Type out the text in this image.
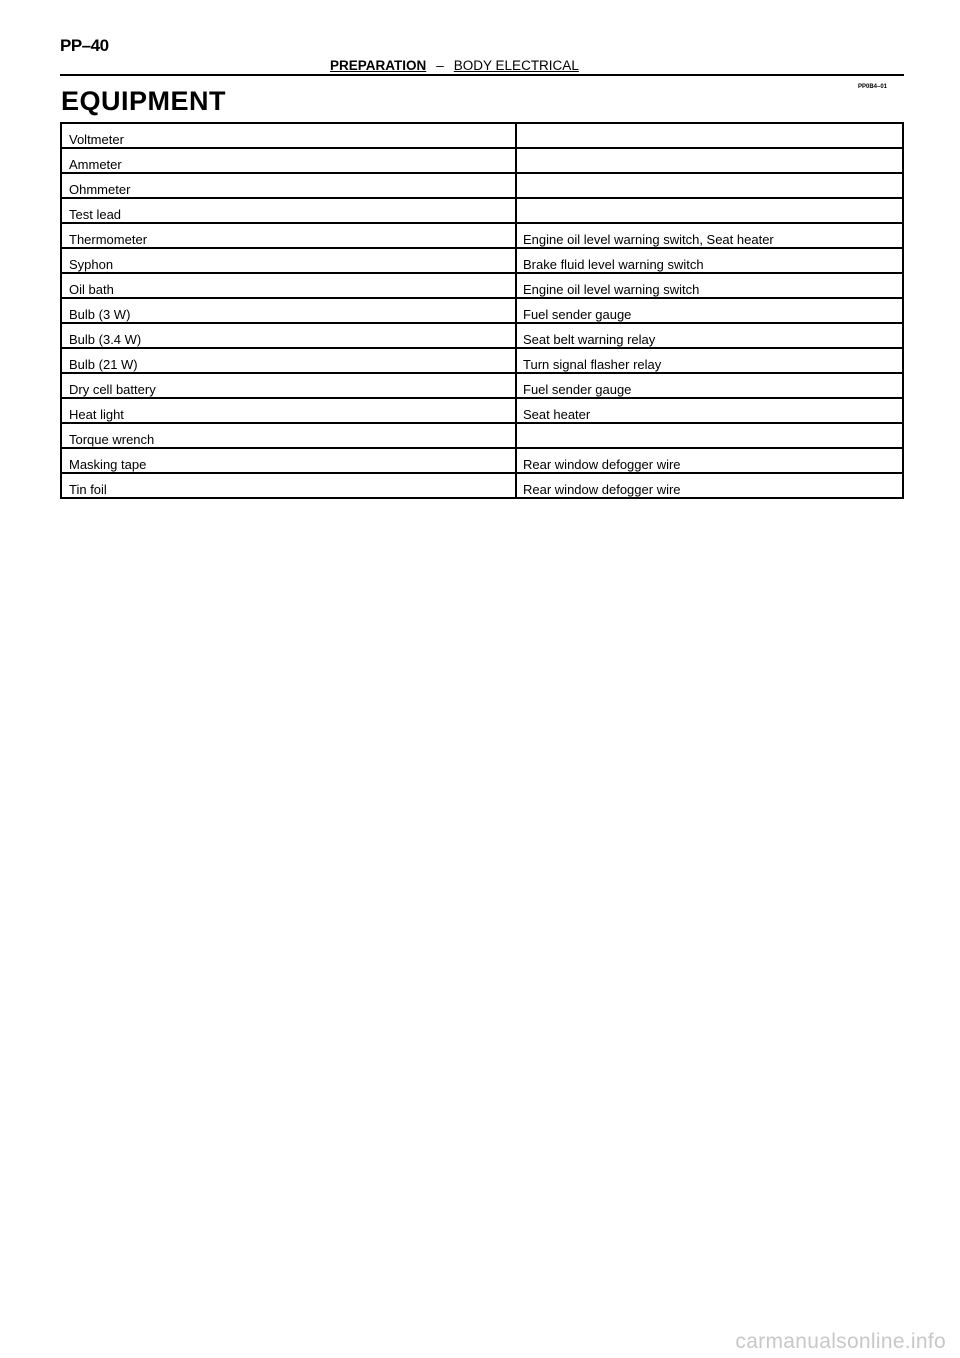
PP–40
PREPARATION – BODY ELECTRICAL
PP0B4–01
EQUIPMENT
Voltmeter	
Ammeter	
Ohmmeter	
Test lead	
Thermometer	Engine oil level warning switch, Seat heater
Syphon	Brake fluid level warning switch
Oil bath	Engine oil level warning switch
Bulb (3 W)	Fuel sender gauge
Bulb (3.4 W)	Seat belt warning relay
Bulb (21 W)	Turn signal flasher relay
Dry cell battery	Fuel sender gauge
Heat light	Seat heater
Torque wrench	
Masking tape	Rear window defogger wire
Tin foil	Rear window defogger wire
carmanualsonline.info
